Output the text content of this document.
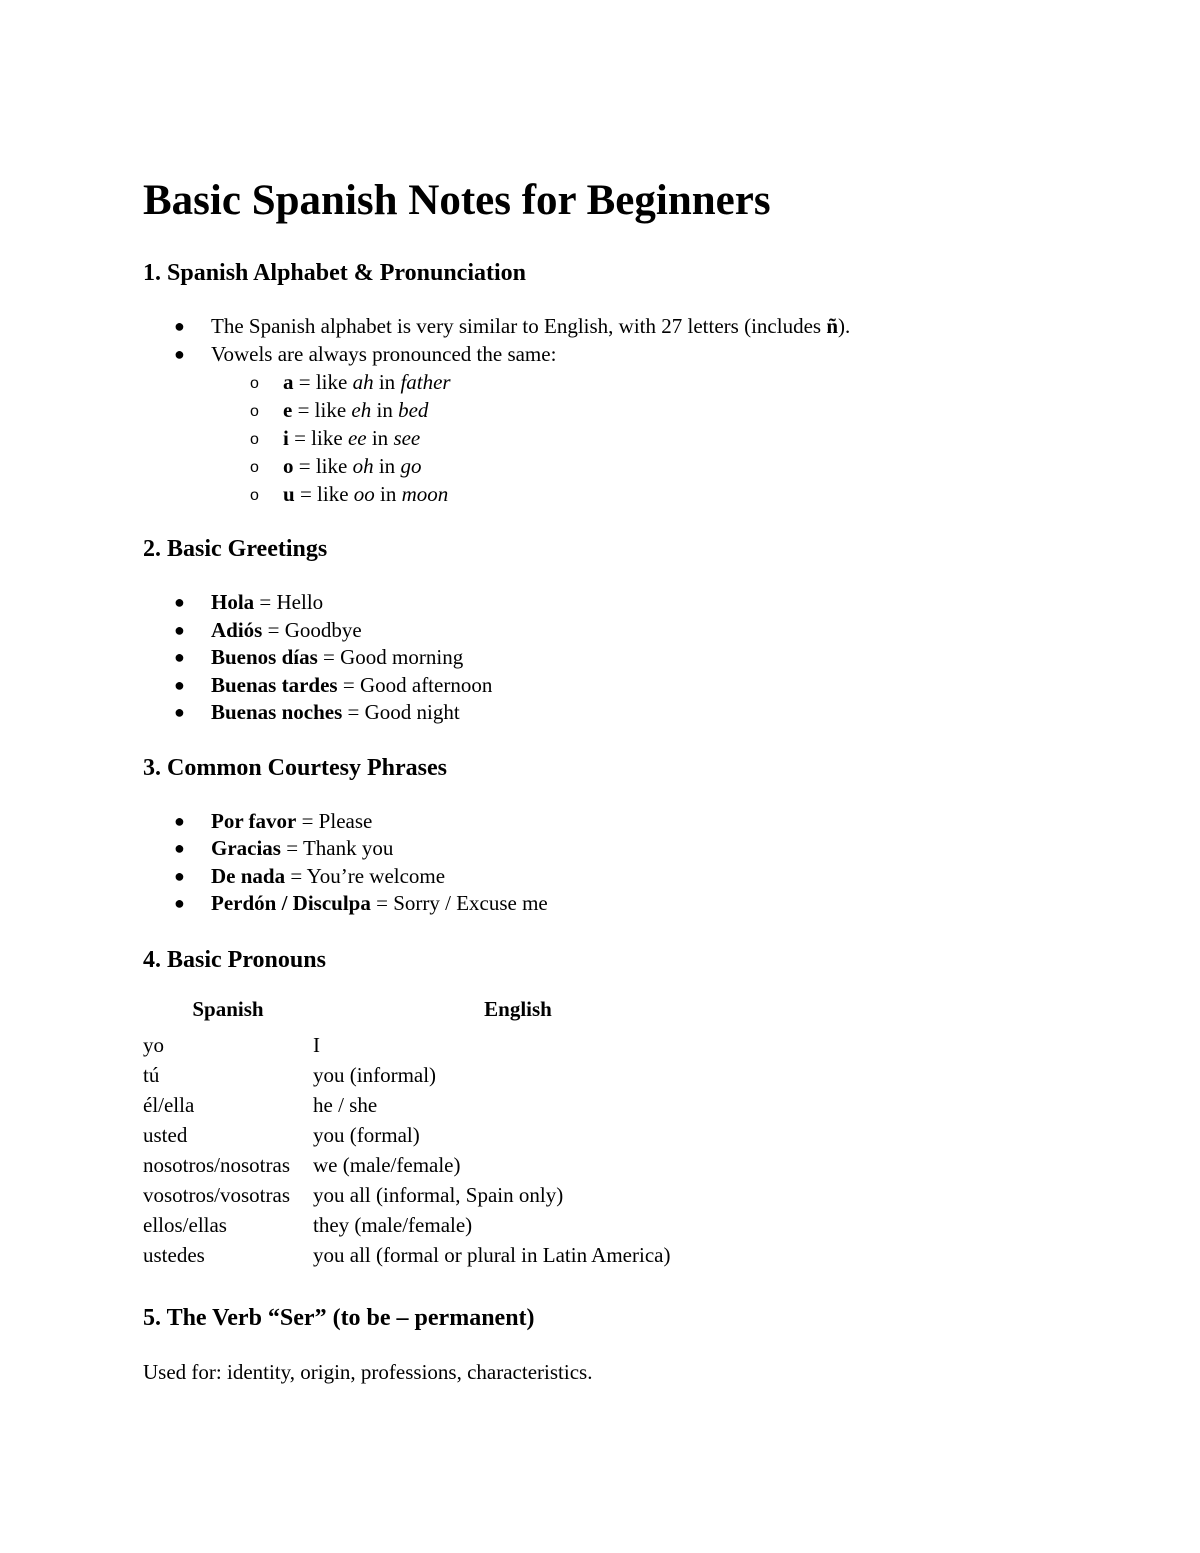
Basic Spanish Notes for Beginners
1. Spanish Alphabet & Pronunciation
● The Spanish alphabet is very similar to English, with 27 letters (includes ñ).
● Vowels are always pronounced the same:
o a = like ah in father
o e = like eh in bed
o i = like ee in see
o o = like oh in go
o u = like oo in moon
2. Basic Greetings
● Hola = Hello
● Adiós = Goodbye
● Buenos días = Good morning
● Buenas tardes = Good afternoon
● Buenas noches = Good night
3. Common Courtesy Phrases
● Por favor = Please
● Gracias = Thank you
● De nada = You’re welcome
● Perdón / Disculpa = Sorry / Excuse me
4. Basic Pronouns
Spanish	English
yo	I
tú	you (informal)
él/ella	he / she
usted	you (formal)
nosotros/nosotras	we (male/female)
vosotros/vosotras	you all (informal, Spain only)
ellos/ellas	they (male/female)
ustedes	you all (formal or plural in Latin America)
5. The Verb “Ser” (to be – permanent)

Used for: identity, origin, professions, characteristics.
